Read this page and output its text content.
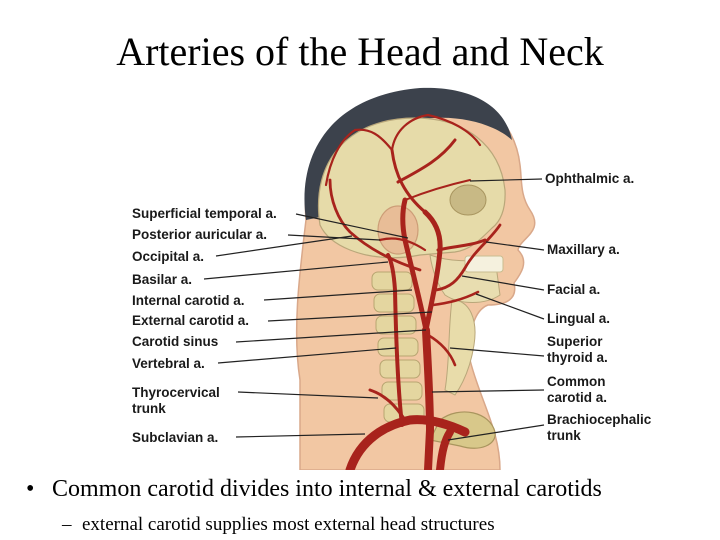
Arteries of the Head and Neck
Superficial temporal a.
Posterior auricular a.
Occipital a.
Basilar a.
Internal carotid a.
External carotid a.
Carotid sinus
Vertebral a.
Thyrocervical
trunk
Subclavian a.
Ophthalmic a.
Maxillary a.
Facial a.
Lingual a.
Superior
thyroid a.
Common
carotid a.
Brachiocephalic
trunk
• Common carotid divides into internal & external carotids
– external carotid supplies most external head structures
